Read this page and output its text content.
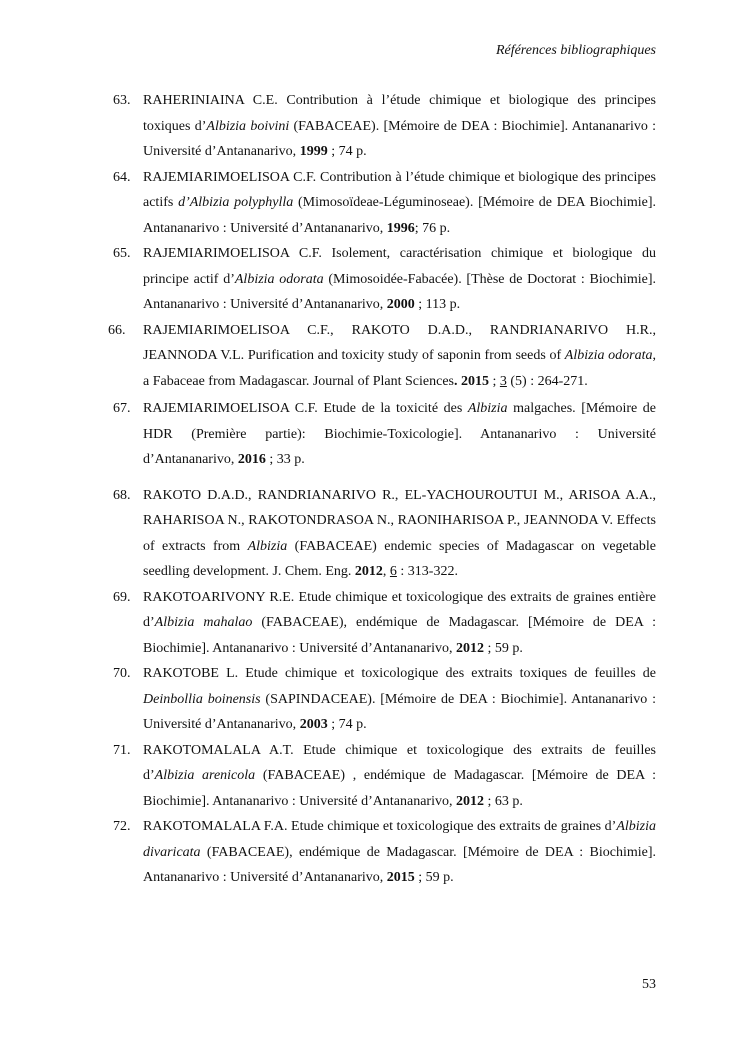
Références bibliographiques
63. RAHERINIAINA C.E. Contribution à l’étude chimique et biologique des principes toxiques d’Albizia boivini (FABACEAE). [Mémoire de DEA : Biochimie]. Antananarivo : Université d’Antananarivo, 1999 ; 74 p.
64. RAJEMIARIMOELISOA C.F. Contribution à l’étude chimique et biologique des principes actifs d’Albizia polyphylla (Mimosoïdeae-Léguminoseae). [Mémoire de DEA Biochimie]. Antananarivo : Université d’Antananarivo, 1996; 76 p.
65. RAJEMIARIMOELISOA C.F. Isolement, caractérisation chimique et biologique du principe actif d’Albizia odorata (Mimosoidée-Fabacée). [Thèse de Doctorat : Biochimie]. Antananarivo : Université d’Antananarivo, 2000 ; 113 p.
66.	RAJEMIARIMOELISOA C.F., RAKOTO D.A.D., RANDRIANARIVO H.R., JEANNODA V.L. Purification and toxicity study of saponin from seeds of Albizia odorata, a Fabaceae from Madagascar. Journal of Plant Sciences. 2015 ; 3 (5) : 264-271.
67. RAJEMIARIMOELISOA C.F. Etude de la toxicité des Albizia malgaches. [Mémoire de HDR (Première partie): Biochimie-Toxicologie]. Antananarivo : Université d’Antananarivo, 2016 ; 33 p.
68. RAKOTO D.A.D., RANDRIANARIVO R., EL-YACHOUROUTUI M., ARISOA A.A., RAHARISOA N., RAKOTONDRASOA N., RAONIHARISOA P., JEANNODA V. Effects of extracts from Albizia (FABACEAE) endemic species of Madagascar on vegetable seedling development. J. Chem. Eng. 2012, 6 : 313-322.
69. RAKOTOARIVONY R.E. Etude chimique et toxicologique des extraits de graines entière d’Albizia mahalao (FABACEAE), endémique de Madagascar. [Mémoire de DEA : Biochimie]. Antananarivo : Université d’Antananarivo, 2012 ; 59 p.
70. RAKOTOBE L. Etude chimique et toxicologique des extraits toxiques de feuilles de Deinbollia boinensis (SAPINDACEAE). [Mémoire de DEA : Biochimie]. Antananarivo : Université d’Antananarivo, 2003 ; 74 p.
71. RAKOTOMALALA A.T. Etude chimique et toxicologique des extraits de feuilles d’Albizia arenicola (FABACEAE) , endémique de Madagascar. [Mémoire de DEA : Biochimie]. Antananarivo : Université d’Antananarivo, 2012 ; 63 p.
72. RAKOTOMALALA F.A. Etude chimique et toxicologique des extraits de graines d’Albizia divaricata (FABACEAE), endémique de Madagascar. [Mémoire de DEA : Biochimie]. Antananarivo : Université d’Antananarivo, 2015 ; 59 p.
53
